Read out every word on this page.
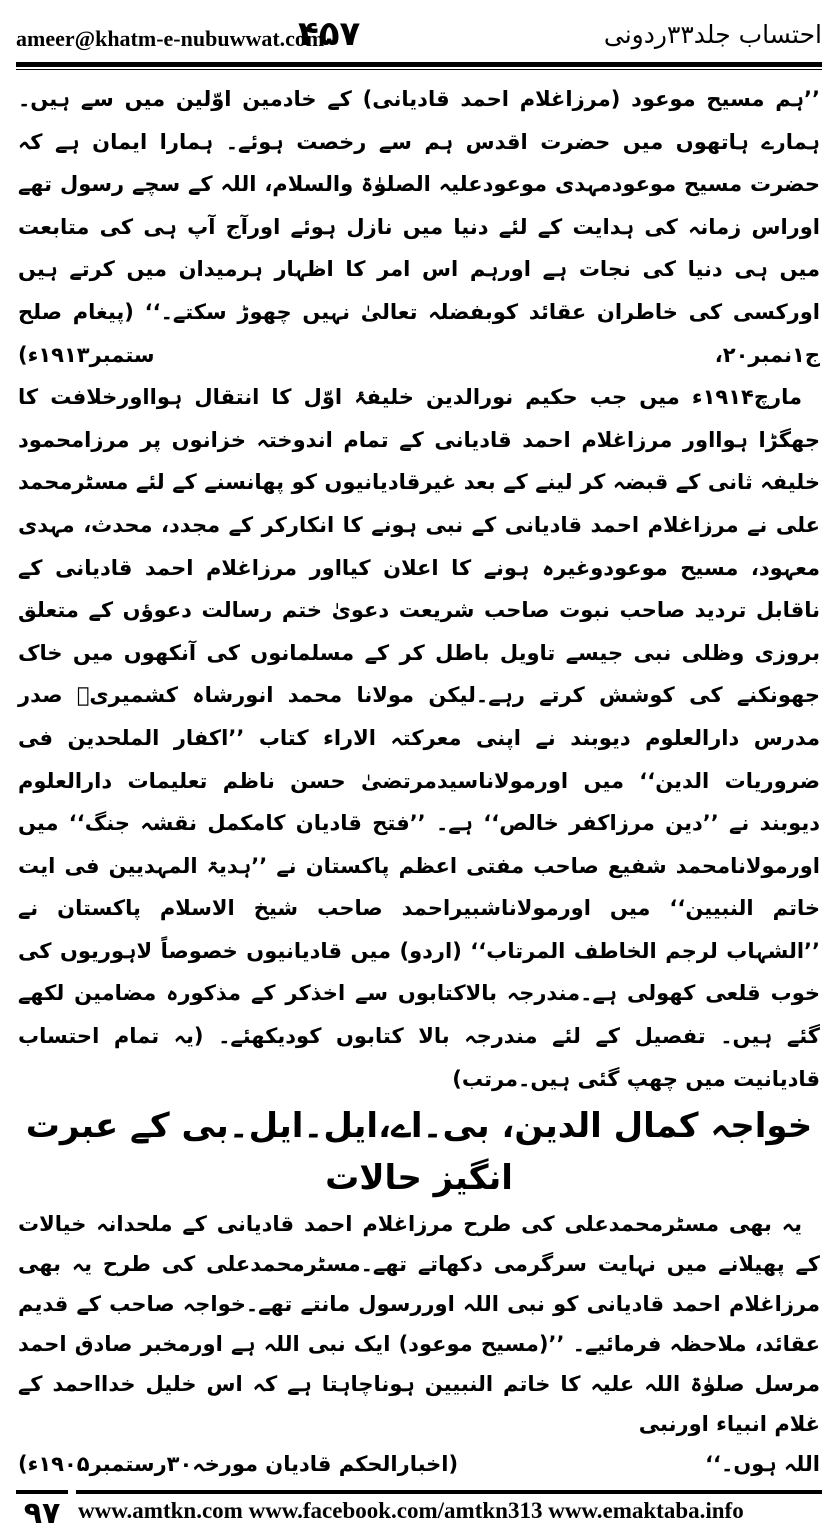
ameer@khatm-e-nubuwwat.com
۴۵۷	احتساب جلد۳۳ردونی

’’ہم مسیح موعود (مرزاغلام احمد قادیانی) کے خادمین اوّلین میں سے ہیں۔ ہمارے ہاتھوں میں حضرت اقدس ہم سے رخصت ہوئے۔ ہمارا ایمان ہے کہ حضرت مسیح موعودمہدی موعودعلیہ الصلوٰۃ والسلام، اللہ کے سچے رسول تھے اوراس زمانہ کی ہدایت کے لئے دنیا میں نازل ہوئے اورآج آپ ہی کی متابعت میں ہی دنیا کی نجات ہے اورہم اس امر کا اظہار ہرمیدان میں کرتے ہیں اورکسی کی خاطران عقائد کوبفضلہ تعالیٰ نہیں چھوڑ سکتے۔‘‘ (پیغام صلح ج۱نمبر۲۰، ستمبر۱۹۱۳ء)

مارچ۱۹۱۴ء میں جب حکیم نورالدین خلیفۂ اوّل کا انتقال ہوااورخلافت کا جھگڑا ہوااور مرزاغلام احمد قادیانی کے تمام اندوختہ خزانوں پر مرزامحمود خلیفہ ثانی کے قبضہ کر لینے کے بعد غیرقادیانیوں کو پھانسنے کے لئے مسٹرمحمد علی نے مرزاغلام احمد قادیانی کے نبی ہونے کا انکارکر کے مجدد، محدث، مہدی معہود، مسیح موعودوغیرہ ہونے کا اعلان کیااور مرزاغلام احمد قادیانی کے ناقابل تردید صاحب نبوت صاحب شریعت دعویٰ ختم رسالت دعوؤں کے متعلق بروزی وظلی نبی جیسے تاویل باطل کر کے مسلمانوں کی آنکھوں میں خاک جھونکنے کی کوشش کرتے رہے۔لیکن مولانا محمد انورشاہ کشمیریؒ صدر مدرس دارالعلوم دیوبند نے اپنی معرکتہ الاراء کتاب ’’اکفار الملحدین فی ضروریات الدین‘‘ میں اورمولاناسیدمرتضیٰ حسن ناظم تعلیمات دارالعلوم دیوبند نے ’’دین مرزاکفر خالص‘‘ ہے۔ ’’فتح قادیان کامکمل نقشہ جنگ‘‘ میں اورمولانامحمد شفیع صاحب مفتی اعظم پاکستان نے ’’ہدیۃ المہدیین فی ایت خاتم النبیین‘‘ میں اورمولاناشبیراحمد صاحب شیخ الاسلام پاکستان نے ’’الشہاب لرجم الخاطف المرتاب‘‘ (اردو) میں قادیانیوں خصوصاً لاہوریوں کی خوب قلعی کھولی ہے۔مندرجہ بالاکتابوں سے اخذکر کے مذکورہ مضامین لکھے گئے ہیں۔ تفصیل کے لئے مندرجہ بالا کتابوں کودیکھئے۔ (یہ تمام احتساب قادیانیت میں چھپ گئی ہیں۔مرتب)

خواجہ کمال الدین، بی۔اے،ایل۔ایل۔بی کے عبرت انگیز حالات

یہ بھی مسٹرمحمدعلی کی طرح مرزاغلام احمد قادیانی کے ملحدانہ خیالات کے پھیلانے میں نہایت سرگرمی دکھاتے تھے۔مسٹرمحمدعلی کی طرح یہ بھی مرزاغلام احمد قادیانی کو نبی اللہ اوررسول مانتے تھے۔خواجہ صاحب کے قدیم عقائد، ملاحظہ فرمائیے۔ ’’(مسیح موعود) ایک نبی اللہ ہے اورمخبر صادق احمد مرسل صلوٰۃ اللہ علیہ کا خاتم النبیین ہوناچاہتا ہے کہ اس خلیل خدااحمد کے غلام انبیاء اورنبی

اللہ ہوں۔‘‘
(اخبارالحکم قادیان مورخہ۳۰رستمبر۱۹۰۵ء)
۹۷ www.amtkn.com www.facebook.com/amtkn313 www.emaktaba.info
